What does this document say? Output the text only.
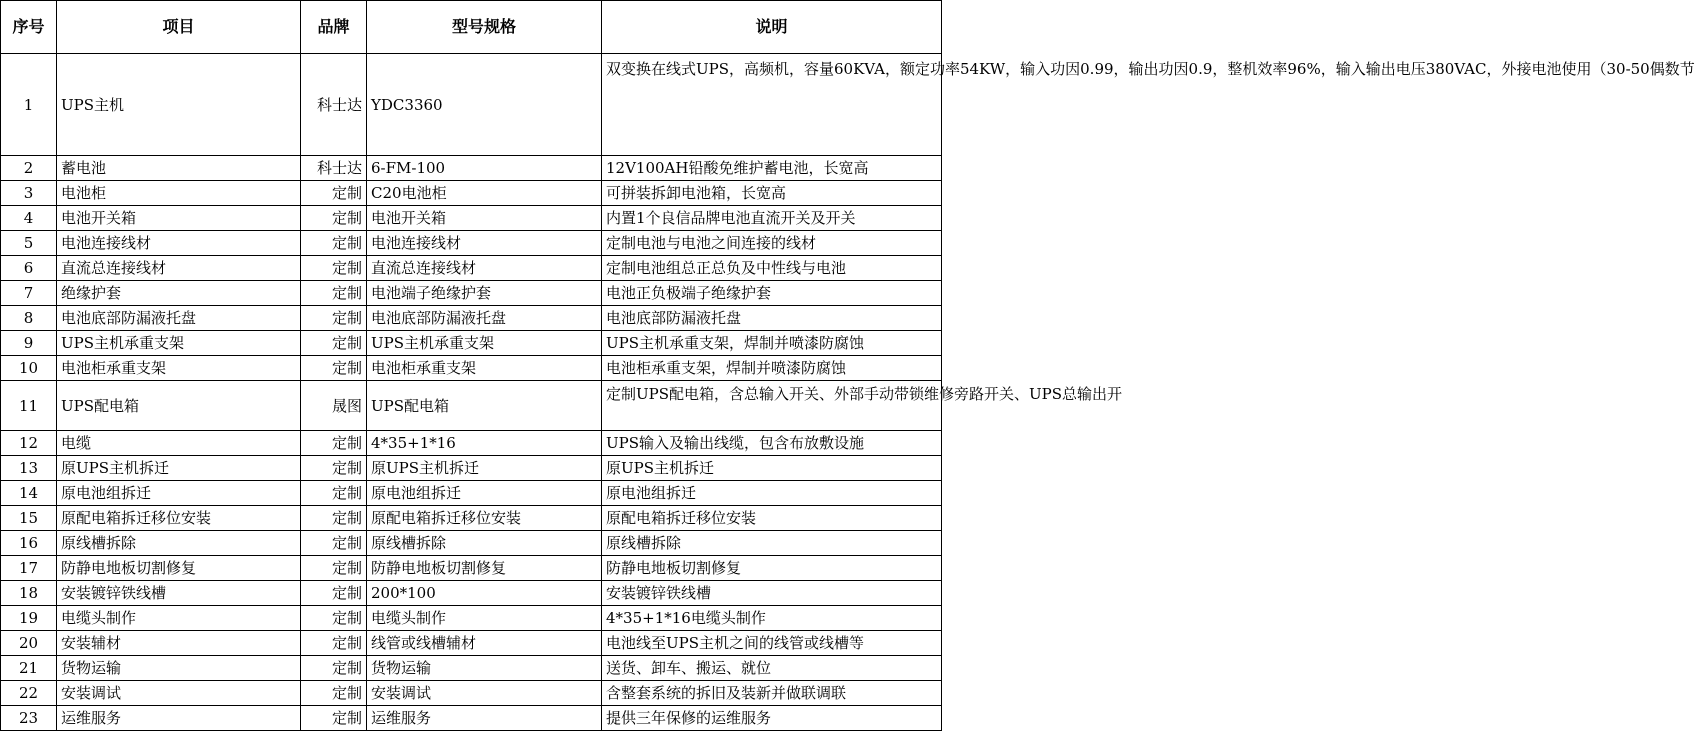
序号	项目	品牌	型号规格	说明
1	UPS主机	科士达	YDC3360	双变换在线式UPS，高频机，容量60KVA，额定功率54KW，输入功因0.99，输出功因0.9，整机效率96%，输入输出电压380VAC，外接电池使用（30-50偶数节

2	蓄电池	科士达	6-FM-100	12V100AH铅酸免维护蓄电池，长宽高
3	电池柜	定制	C20电池柜	可拼装拆卸电池箱，长宽高
4	电池开关箱	定制	电池开关箱	内置1个良信品牌电池直流开关及开关
5	电池连接线材	定制	电池连接线材	定制电池与电池之间连接的线材
6	直流总连接线材	定制	直流总连接线材	定制电池组总正总负及中性线与电池
7	绝缘护套	定制	电池端子绝缘护套	电池正负极端子绝缘护套
8	电池底部防漏液托盘	定制	电池底部防漏液托盘	电池底部防漏液托盘
9	UPS主机承重支架	定制	UPS主机承重支架	UPS主机承重支架，焊制并喷漆防腐蚀
10	电池柜承重支架	定制	电池柜承重支架	电池柜承重支架，焊制并喷漆防腐蚀
11	UPS配电箱	晟图	UPS配电箱	定制UPS配电箱，含总输入开关、外部手动带锁维修旁路开关、UPS总输出开

12	电缆	定制	4*35+1*16	UPS输入及输出线缆，包含布放敷设施
13	原UPS主机拆迁	定制	原UPS主机拆迁	原UPS主机拆迁
14	原电池组拆迁	定制	原电池组拆迁	原电池组拆迁
15	原配电箱拆迁移位安装	定制	原配电箱拆迁移位安装	原配电箱拆迁移位安装
16	原线槽拆除	定制	原线槽拆除	原线槽拆除
17	防静电地板切割修复	定制	防静电地板切割修复	防静电地板切割修复
18	安装镀锌铁线槽	定制	200*100	安装镀锌铁线槽
19	电缆头制作	定制	电缆头制作	4*35+1*16电缆头制作
20	安装辅材	定制	线管或线槽辅材	电池线至UPS主机之间的线管或线槽等
21	货物运输	定制	货物运输	送货、卸车、搬运、就位
22	安装调试	定制	安装调试	含整套系统的拆旧及装新并做联调联
23	运维服务	定制	运维服务	提供三年保修的运维服务
